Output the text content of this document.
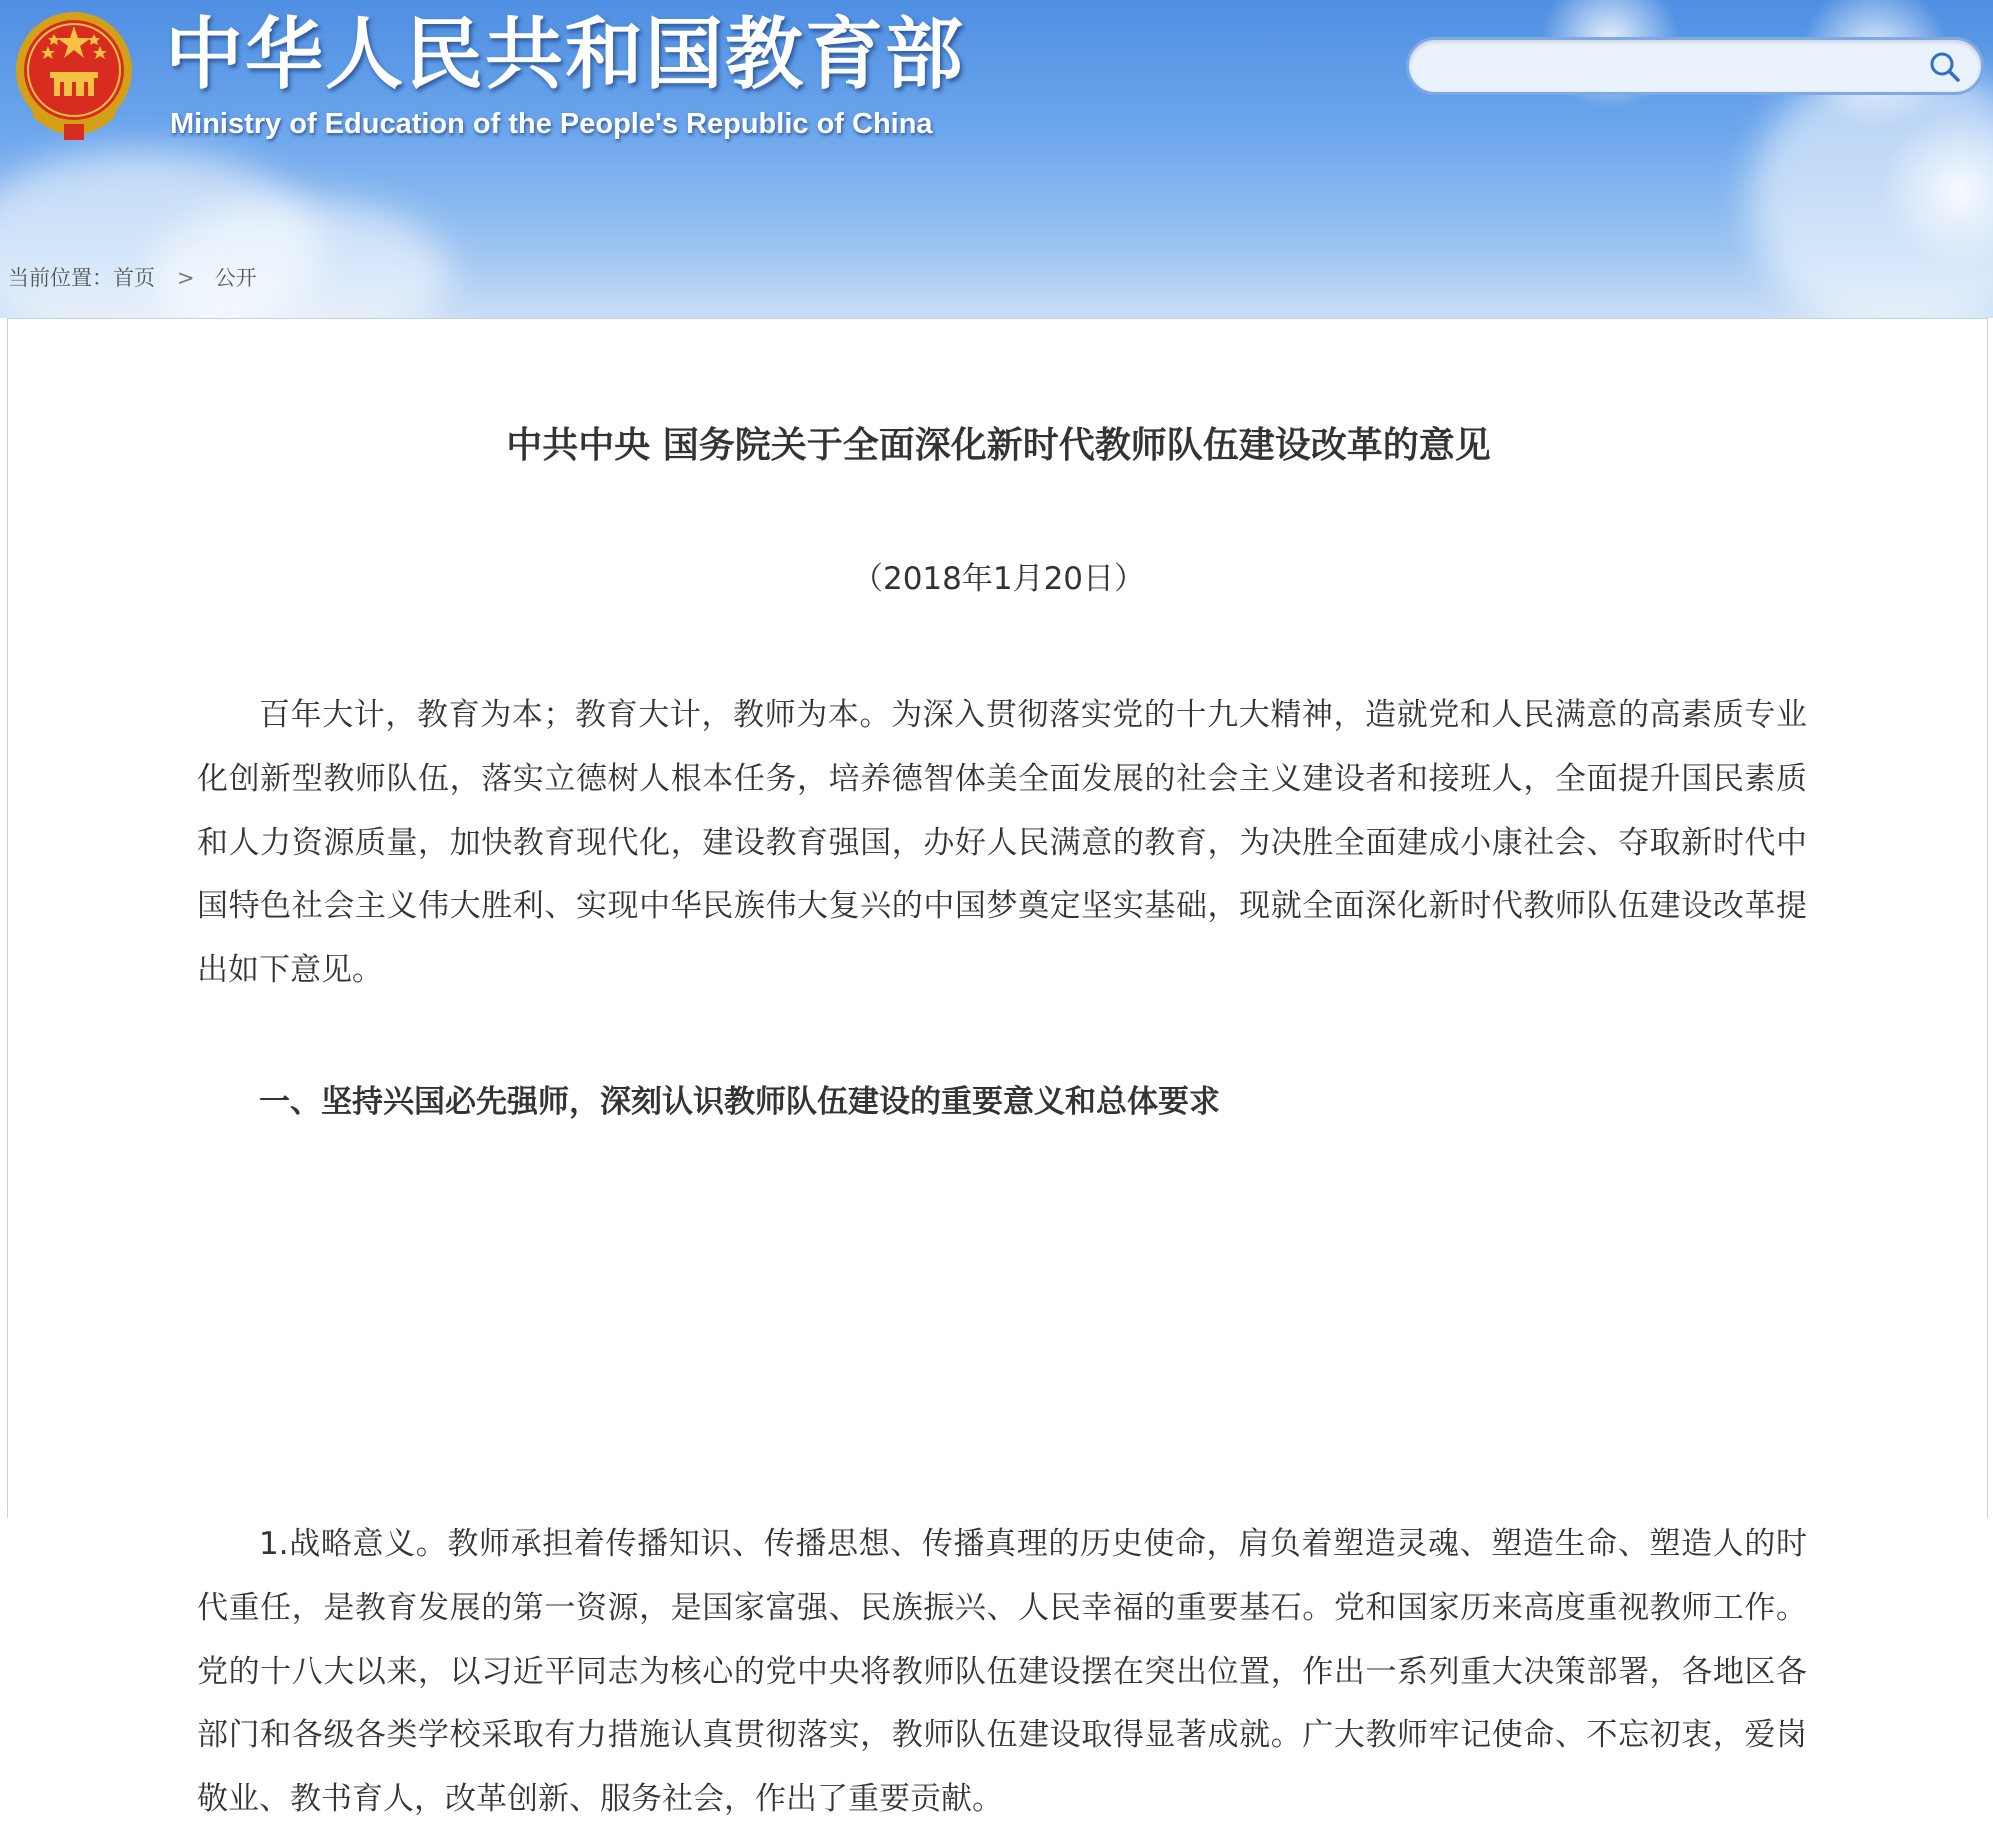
中华人民共和国教育部
Ministry of Education of the People's Republic of China
当前位置：首页 > 公开
中共中央 国务院关于全面深化新时代教师队伍建设改革的意见
（2018年1月20日）

百年大计，教育为本；教育大计，教师为本。为深入贯彻落实党的十九大精神，造就党和人民满意的高素质专业化创新型教师队伍，落实立德树人根本任务，培养德智体美全面发展的社会主义建设者和接班人，全面提升国民素质和人力资源质量，加快教育现代化，建设教育强国，办好人民满意的教育，为决胜全面建成小康社会、夺取新时代中国特色社会主义伟大胜利、实现中华民族伟大复兴的中国梦奠定坚实基础，现就全面深化新时代教师队伍建设改革提出如下意见。

一、坚持兴国必先强师，深刻认识教师队伍建设的重要意义和总体要求

1.战略意义。教师承担着传播知识、传播思想、传播真理的历史使命，肩负着塑造灵魂、塑造生命、塑造人的时代重任，是教育发展的第一资源，是国家富强、民族振兴、人民幸福的重要基石。党和国家历来高度重视教师工作。党的十八大以来，以习近平同志为核心的党中央将教师队伍建设摆在突出位置，作出一系列重大决策部署，各地区各部门和各级各类学校采取有力措施认真贯彻落实，教师队伍建设取得显著成就。广大教师牢记使命、不忘初衷，爱岗敬业、教书育人，改革创新、服务社会，作出了重要贡献。
